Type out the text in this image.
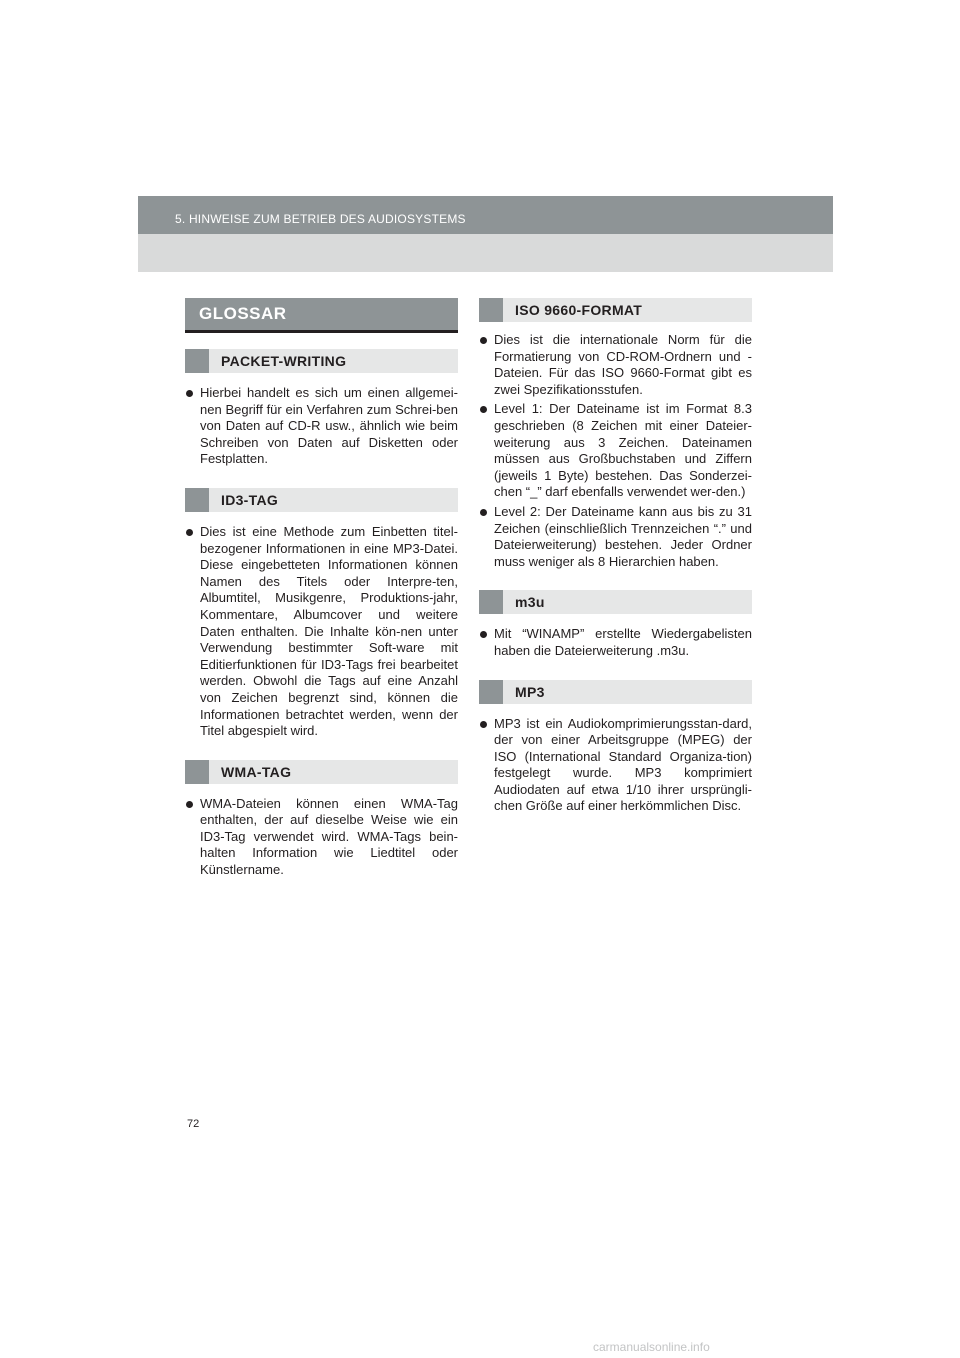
5. HINWEISE ZUM BETRIEB DES AUDIOSYSTEMS
GLOSSAR
PACKET-WRITING
Hierbei handelt es sich um einen allgemei-nen Begriff für ein Verfahren zum Schrei-ben von Daten auf CD-R usw., ähnlich wie beim Schreiben von Daten auf Disketten oder Festplatten.
ID3-TAG
Dies ist eine Methode zum Einbetten titel-bezogener Informationen in eine MP3-Datei. Diese eingebetteten Informationen können Namen des Titels oder Interpre-ten, Albumtitel, Musikgenre, Produktions-jahr, Kommentare, Albumcover und weitere Daten enthalten. Die Inhalte kön-nen unter Verwendung bestimmter Soft-ware mit Editierfunktionen für ID3-Tags frei bearbeitet werden. Obwohl die Tags auf eine Anzahl von Zeichen begrenzt sind, können die Informationen betrachtet werden, wenn der Titel abgespielt wird.
WMA-TAG
WMA-Dateien können einen WMA-Tag enthalten, der auf dieselbe Weise wie ein ID3-Tag verwendet wird. WMA-Tags bein-halten Information wie Liedtitel oder Künstlername.
ISO 9660-FORMAT
Dies ist die internationale Norm für die Formatierung von CD-ROM-Ordnern und -Dateien. Für das ISO 9660-Format gibt es zwei Spezifikationsstufen.
Level 1: Der Dateiname ist im Format 8.3 geschrieben (8 Zeichen mit einer Dateier-weiterung aus 3 Zeichen. Dateinamen müssen aus Großbuchstaben und Ziffern (jeweils 1 Byte) bestehen. Das Sonderzei-chen “_” darf ebenfalls verwendet wer-den.)
Level 2: Der Dateiname kann aus bis zu 31 Zeichen (einschließlich Trennzeichen “.” und Dateierweiterung) bestehen. Jeder Ordner muss weniger als 8 Hierarchien haben.
m3u
Mit “WINAMP” erstellte Wiedergabelisten haben die Dateierweiterung .m3u.
MP3
MP3 ist ein Audiokomprimierungsstan-dard, der von einer Arbeitsgruppe (MPEG) der ISO (International Standard Organiza-tion) festgelegt wurde. MP3 komprimiert Audiodaten auf etwa 1/10 ihrer ursprüngli-chen Größe auf einer herkömmlichen Disc.
72
carmanualsonline.info
